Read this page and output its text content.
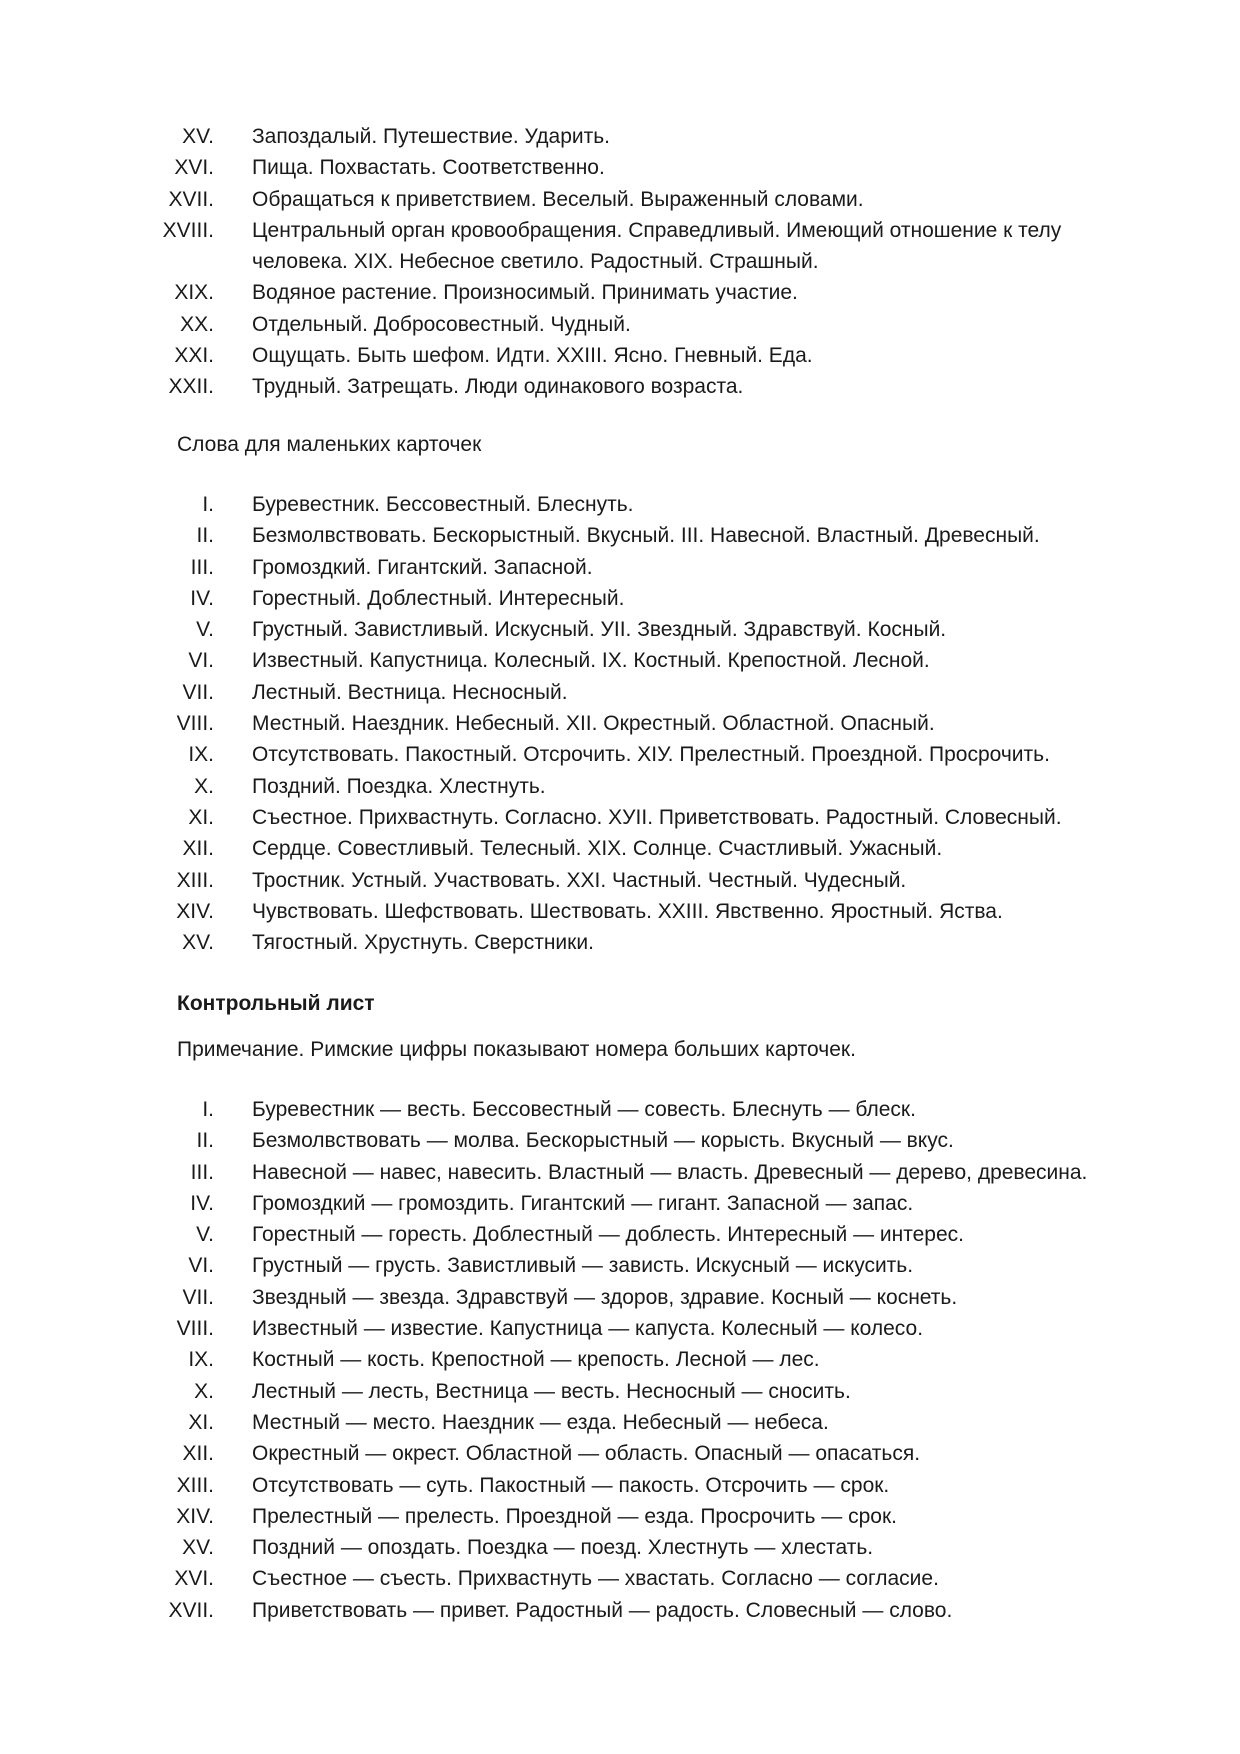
XV. Запоздалый. Путешествие. Ударить.
XVI. Пища. Похвастать. Соответственно.
XVII. Обращаться к приветствием. Веселый. Выраженный словами.
XVIII. Центральный орган кровообращения. Справедливый. Имеющий отношение к телу человека. XIX. Небесное светило. Радостный. Страшный.
XIX. Водяное растение. Произносимый. Принимать участие.
XX. Отдельный. Добросовестный. Чудный.
XXI. Ощущать. Быть шефом. Идти. XXIII. Ясно. Гневный. Еда.
XXII. Трудный. Затрещать. Люди одинакового возраста.
Слова для маленьких карточек
I. Буревестник. Бессовестный. Блеснуть.
II. Безмолвствовать. Бескорыстный. Вкусный. III. Навесной. Властный. Древесный.
III. Громоздкий. Гигантский. Запасной.
IV. Горестный. Доблестный. Интересный.
V. Грустный. Завистливый. Искусный. УII. Звездный. Здравствуй. Косный.
VI. Известный. Капустница. Колесный. IX. Костный. Крепостной. Лесной.
VII. Лестный. Вестница. Несносный.
VIII. Местный. Наездник. Небесный. XII. Окрестный. Областной. Опасный.
IX. Отсутствовать. Пакостный. Отсрочить. XIУ. Прелестный. Проездной. Просрочить.
X. Поздний. Поездка. Хлестнуть.
XI. Съестное. Прихвастнуть. Согласно. ХУII. Приветствовать. Радостный. Словесный.
XII. Сердце. Совестливый. Телесный. XIX. Солнце. Счастливый. Ужасный.
XIII. Тростник. Устный. Участвовать. XXI. Частный. Честный. Чудесный.
XIV. Чувствовать. Шефствовать. Шествовать. XXIII. Явственно. Яростный. Яства.
XV. Тягостный. Хрустнуть. Сверстники.
Контрольный лист
Примечание. Римские цифры показывают номера больших карточек.
I. Буревестник — весть. Бессовестный — совесть. Блеснуть — блеск.
II. Безмолвствовать — молва. Бескорыстный — корысть. Вкусный — вкус.
III. Навесной — навес, навесить. Властный — власть. Древесный — дерево, древесина.
IV. Громоздкий — громоздить. Гигантский — гигант. Запасной — запас.
V. Горестный — горесть. Доблестный — доблесть. Интересный — интерес.
VI. Грустный — грусть. Завистливый — зависть. Искусный — искусить.
VII. Звездный — звезда. Здравствуй — здоров, здравие. Косный — коснеть.
VIII. Известный — известие. Капустница — капуста. Колесный — колесо.
IX. Костный — кость. Крепостной — крепость. Лесной — лес.
X. Лестный — лесть, Вестница — весть. Несносный — сносить.
XI. Местный — место. Наездник — езда. Небесный — небеса.
XII. Окрестный — окрест. Областной — область. Опасный — опасаться.
XIII. Отсутствовать — суть. Пакостный — пакость. Отсрочить — срок.
XIV. Прелестный — прелесть. Проездной — езда. Просрочить — срок.
XV. Поздний — опоздать. Поездка — поезд. Хлестнуть — хлестать.
XVI. Съестное — съесть. Прихвастнуть — хвастать. Согласно — согласие.
XVII. Приветствовать — привет. Радостный — радость. Словесный — слово.
